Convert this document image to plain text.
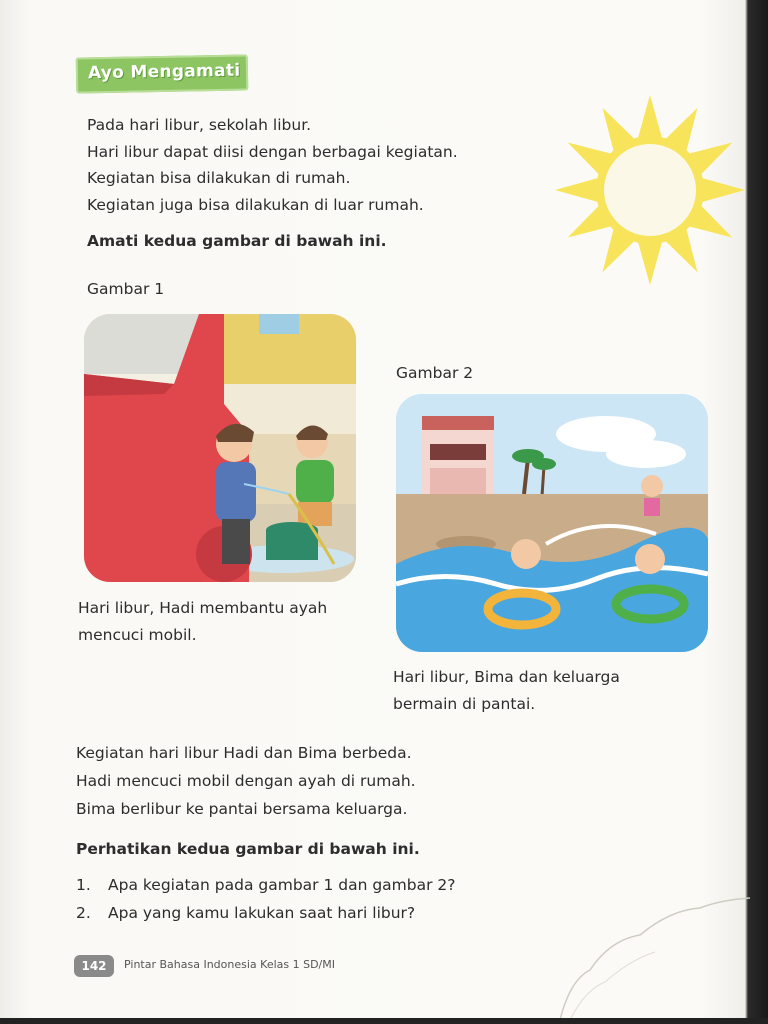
Ayo Mengamati
Pada hari libur, sekolah libur.
Hari libur dapat diisi dengan berbagai kegiatan.
Kegiatan bisa dilakukan di rumah.
Kegiatan juga bisa dilakukan di luar rumah.
Amati kedua gambar di bawah ini.
Gambar 1
Hari libur, Hadi membantu ayah
mencuci mobil.
Gambar 2
Hari libur, Bima dan keluarga
bermain di pantai.
Kegiatan hari libur Hadi dan Bima berbeda.
Hadi mencuci mobil dengan ayah di rumah.
Bima berlibur ke pantai bersama keluarga.
Perhatikan kedua gambar di bawah ini.
1. Apa kegiatan pada gambar 1 dan gambar 2?
2. Apa yang kamu lakukan saat hari libur?
142	Pintar Bahasa Indonesia Kelas 1 SD/MI
